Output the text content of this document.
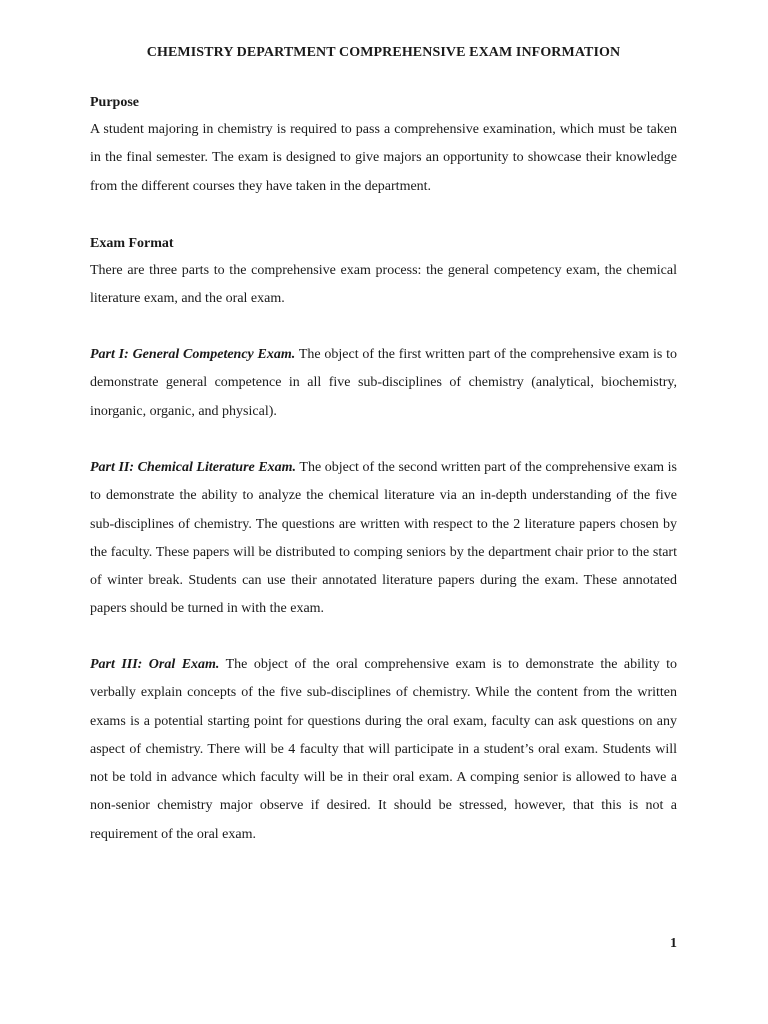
CHEMISTRY DEPARTMENT COMPREHENSIVE EXAM INFORMATION
Purpose

A student majoring in chemistry is required to pass a comprehensive examination, which must be taken in the final semester. The exam is designed to give majors an opportunity to showcase their knowledge from the different courses they have taken in the department.

Exam Format

There are three parts to the comprehensive exam process: the general competency exam, the chemical literature exam, and the oral exam.

Part I: General Competency Exam. The object of the first written part of the comprehensive exam is to demonstrate general competence in all five sub-disciplines of chemistry (analytical, biochemistry, inorganic, organic, and physical).

Part II: Chemical Literature Exam. The object of the second written part of the comprehensive exam is to demonstrate the ability to analyze the chemical literature via an in-depth understanding of the five sub-disciplines of chemistry. The questions are written with respect to the 2 literature papers chosen by the faculty. These papers will be distributed to comping seniors by the department chair prior to the start of winter break. Students can use their annotated literature papers during the exam. These annotated papers should be turned in with the exam.

Part III: Oral Exam. The object of the oral comprehensive exam is to demonstrate the ability to verbally explain concepts of the five sub-disciplines of chemistry. While the content from the written exams is a potential starting point for questions during the oral exam, faculty can ask questions on any aspect of chemistry. There will be 4 faculty that will participate in a student’s oral exam. Students will not be told in advance which faculty will be in their oral exam. A comping senior is allowed to have a non-senior chemistry major observe if desired. It should be stressed, however, that this is not a requirement of the oral exam.

1
